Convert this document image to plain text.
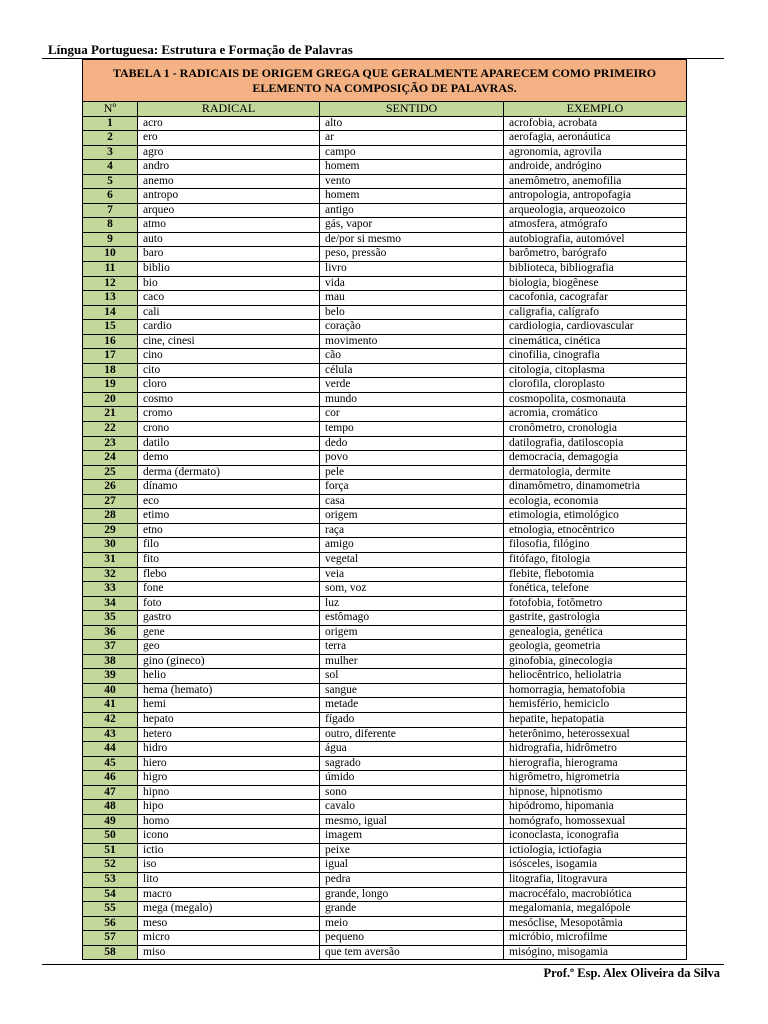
Língua Portuguesa: Estrutura e Formação de Palavras
TABELA 1 - RADICAIS DE ORIGEM GREGA QUE GERALMENTE APARECEM COMO PRIMEIRO ELEMENTO NA COMPOSIÇÃO DE PALAVRAS.			
Nº	RADICAL	SENTIDO	EXEMPLO
1	acro	alto	acrofobia, acrobata
2	ero	ar	aerofagia, aeronáutica
3	agro	campo	agronomia, agrovila
4	andro	homem	androide, andrógino
5	anemo	vento	anemômetro, anemofilia
6	antropo	homem	antropologia, antropofagia
7	arqueo	antigo	arqueologia, arqueozoico
8	atmo	gás, vapor	atmosfera, atmógrafo
9	auto	de/por si mesmo	autobiografia, automóvel
10	baro	peso, pressão	barômetro, barógrafo
11	biblio	livro	biblioteca, bibliografia
12	bio	vida	biologia, biogênese
13	caco	mau	cacofonia, cacografar
14	cali	belo	caligrafia, calígrafo
15	cardio	coração	cardiologia, cardiovascular
16	cine, cinesi	movimento	cinemática, cinética
17	cino	cão	cinofilia, cinografia
18	cito	célula	citologia, citoplasma
19	cloro	verde	clorofila, cloroplasto
20	cosmo	mundo	cosmopolita, cosmonauta
21	cromo	cor	acromia, cromático
22	crono	tempo	cronômetro, cronologia
23	datilo	dedo	datilografia, datiloscopia
24	demo	povo	democracia, demagogia
25	derma (dermato)	pele	dermatologia, dermite
26	dínamo	força	dinamômetro, dinamometria
27	eco	casa	ecologia, economia
28	etimo	origem	etimologia, etimológico
29	etno	raça	etnologia, etnocêntrico
30	filo	amigo	filosofia, filógino
31	fito	vegetal	fitófago, fitologia
32	flebo	veia	flebite, flebotomia
33	fone	som, voz	fonética, telefone
34	foto	luz	fotofobia, fotômetro
35	gastro	estômago	gastrite, gastrologia
36	gene	origem	genealogia, genética
37	geo	terra	geologia, geometria
38	gino (gineco)	mulher	ginofobia, ginecologia
39	helio	sol	heliocêntrico, heliolatria
40	hema (hemato)	sangue	homorragia, hematofobia
41	hemi	metade	hemisfério, hemiciclo
42	hepato	fígado	hepatite, hepatopatia
43	hetero	outro, diferente	heterônimo, heterossexual
44	hidro	água	hidrografia, hidrômetro
45	hiero	sagrado	hierografia, hierograma
46	higro	úmido	higrômetro, higrometria
47	hipno	sono	hipnose, hipnotismo
48	hipo	cavalo	hipódromo, hipomania
49	homo	mesmo, igual	homógrafo, homossexual
50	icono	imagem	iconoclasta, iconografia
51	ictio	peixe	ictiologia, ictiofagia
52	iso	igual	isósceles, isogamia
53	lito	pedra	litografia, litogravura
54	macro	grande, longo	macrocéfalo, macrobiótica
55	mega (megalo)	grande	megalomania, megalópole
56	meso	meio	mesóclise, Mesopotâmia
57	micro	pequeno	micróbio, microfilme
58	miso	que tem aversão	misógino, misogamia
Prof.º Esp. Alex Oliveira da Silva
